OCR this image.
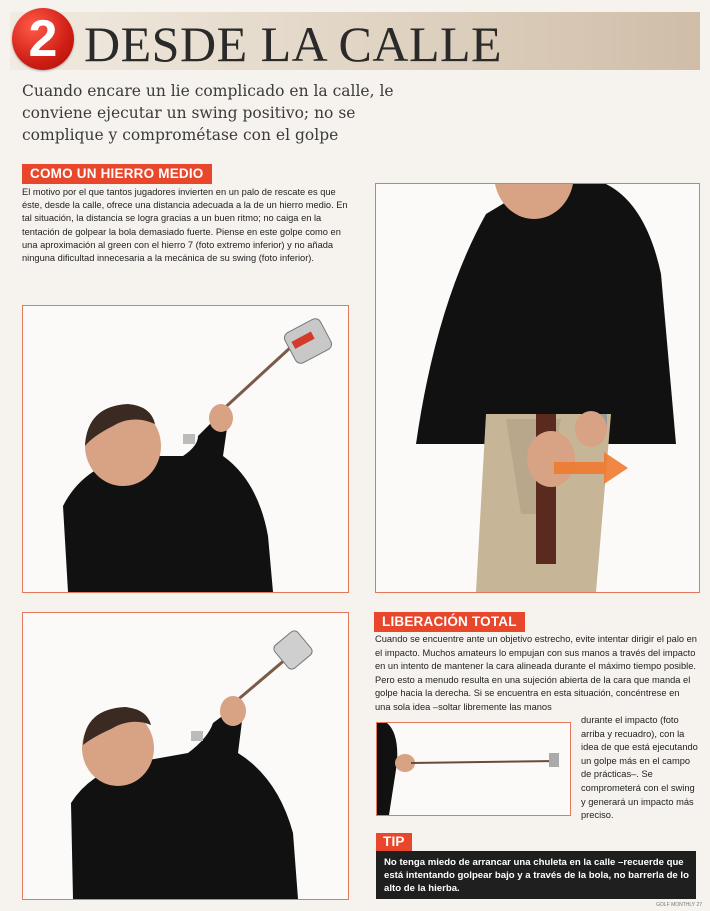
2 DESDE LA CALLE
Cuando encare un lie complicado en la calle, le conviene ejecutar un swing positivo; no se complique y comprométase con el golpe
COMO UN HIERRO MEDIO
El motivo por el que tantos jugadores invierten en un palo de rescate es que éste, desde la calle, ofrece una distancia adecuada a la de un hierro medio. En tal situación, la distancia se logra gracias a un buen ritmo; no caiga en la tentación de golpear la bola demasiado fuerte. Piense en este golpe como en una aproximación al green con el hierro 7 (foto extremo inferior) y no añada ninguna dificultad innecesaria a la mecánica de su swing (foto inferior).
LIBERACIÓN TOTAL
Cuando se encuentre ante un objetivo estrecho, evite intentar dirigir el palo en el impacto. Muchos amateurs lo empujan con sus manos a través del impacto en un intento de mantener la cara alineada durante el máximo tiempo posible. Pero esto a menudo resulta en una sujeción abierta de la cara que manda el golpe hacia la derecha. Si se encuentra en esta situación, concéntrese en una sola idea –soltar libremente las manos
durante el impacto (foto arriba y recuadro), con la idea de que está ejecutando un golpe más en el campo de prácticas–. Se comprometerá con el swing y generará un impacto más preciso.
TIP
No tenga miedo de arrancar una chuleta en la calle –recuerde que está intentando golpear bajo y a través de la bola, no barrerla de lo alto de la hierba.
GOLF MONTHLY 27
